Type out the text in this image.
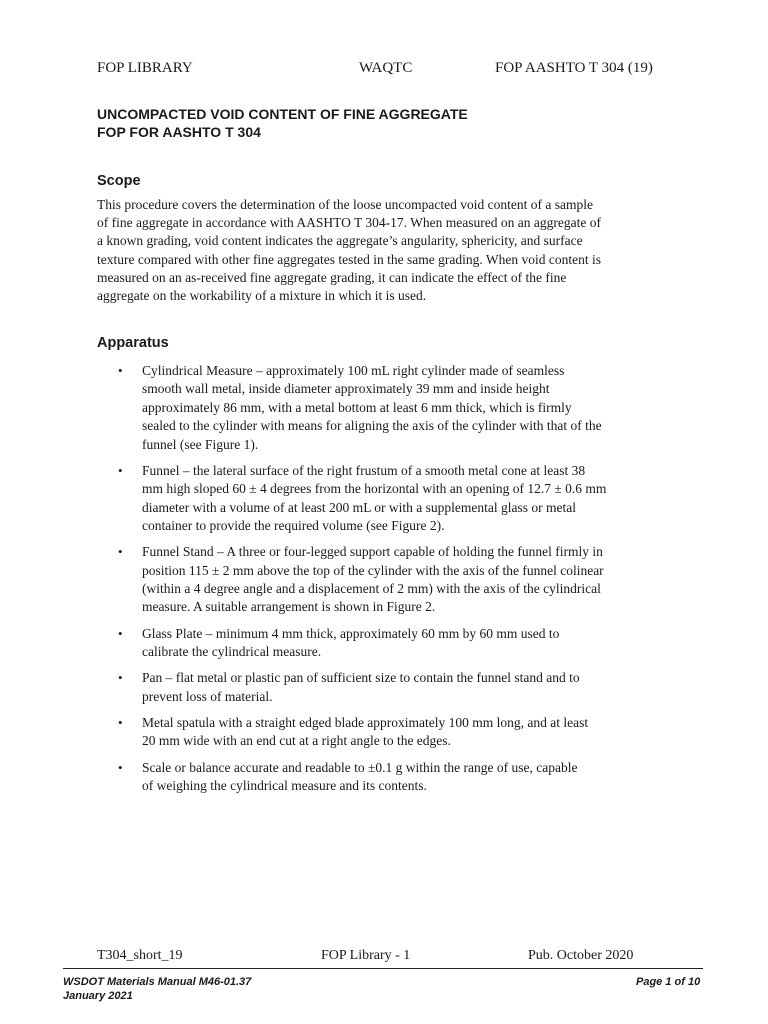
FOP LIBRARY	WAQTC	FOP AASHTO T 304 (19)
UNCOMPACTED VOID CONTENT OF FINE AGGREGATE
FOP FOR AASHTO T 304
Scope
This procedure covers the determination of the loose uncompacted void content of a sample
of fine aggregate in accordance with AASHTO T 304-17. When measured on an aggregate of
a known grading, void content indicates the aggregate’s angularity, sphericity, and surface
texture compared with other fine aggregates tested in the same grading. When void content is
measured on an as-received fine aggregate grading, it can indicate the effect of the fine
aggregate on the workability of a mixture in which it is used.
Apparatus
• Cylindrical Measure – approximately 100 mL right cylinder made of seamless
smooth wall metal, inside diameter approximately 39 mm and inside height
approximately 86 mm, with a metal bottom at least 6 mm thick, which is firmly
sealed to the cylinder with means for aligning the axis of the cylinder with that of the
funnel (see Figure 1).
• Funnel – the lateral surface of the right frustum of a smooth metal cone at least 38
mm high sloped 60 ± 4 degrees from the horizontal with an opening of 12.7 ± 0.6 mm
diameter with a volume of at least 200 mL or with a supplemental glass or metal
container to provide the required volume (see Figure 2).
• Funnel Stand – A three or four-legged support capable of holding the funnel firmly in
position 115 ± 2 mm above the top of the cylinder with the axis of the funnel colinear
(within a 4 degree angle and a displacement of 2 mm) with the axis of the cylindrical
measure. A suitable arrangement is shown in Figure 2.
• Glass Plate – minimum 4 mm thick, approximately 60 mm by 60 mm used to
calibrate the cylindrical measure.
• Pan – flat metal or plastic pan of sufficient size to contain the funnel stand and to
prevent loss of material.
• Metal spatula with a straight edged blade approximately 100 mm long, and at least
20 mm wide with an end cut at a right angle to the edges.
• Scale or balance accurate and readable to ±0.1 g within the range of use, capable
of weighing the cylindrical measure and its contents.
T304_short_19	FOP Library - 1	Pub. October 2020
WSDOT Materials Manual M46-01.37
January 2021
Page 1 of 10
